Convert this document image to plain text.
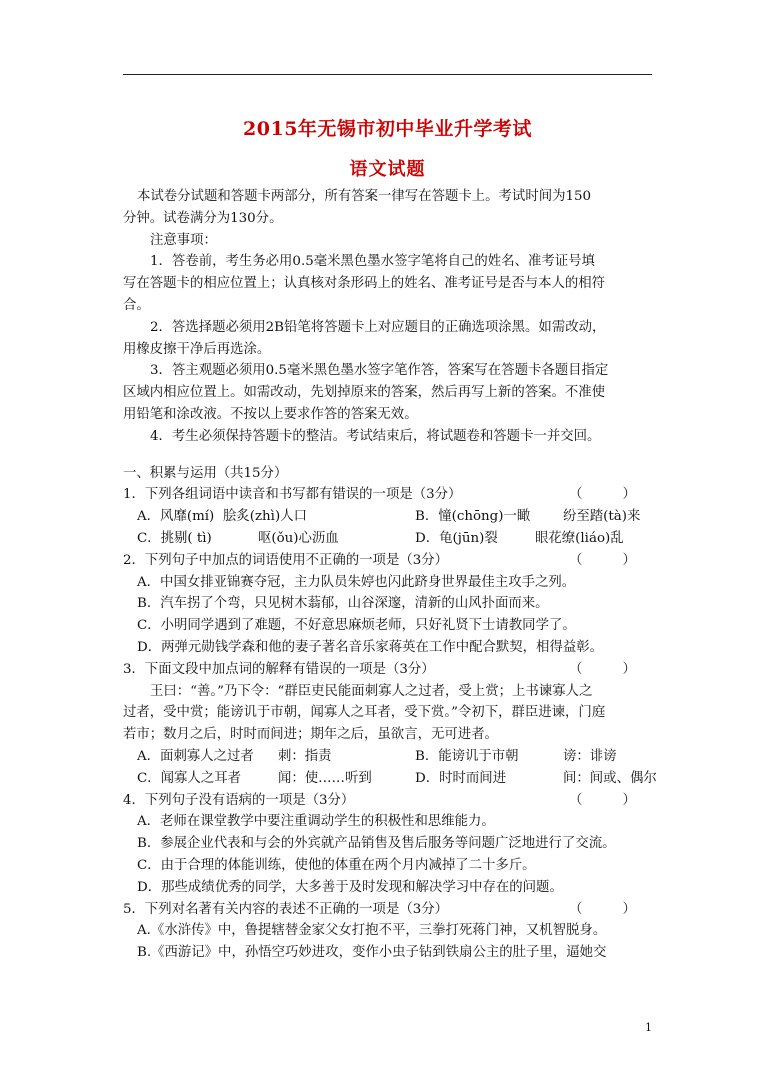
2015年无锡市初中毕业升学考试
语文试题

本试卷分试题和答题卡两部分，所有答案一律写在答题卡上。考试时间为150

分钟。试卷满分为130分。

注意事项：

1．答卷前，考生务必用0.5毫米黑色墨水签字笔将自己的姓名、准考证号填

写在答题卡的相应位置上；认真核对条形码上的姓名、准考证号是否与本人的相符

合。

2．答选择题必须用2B铅笔将答题卡上对应题目的正确选项涂黑。如需改动，

用橡皮擦干净后再选涂。

3．答主观题必须用0.5毫米黑色墨水签字笔作答，答案写在答题卡各题目指定

区域内相应位置上。如需改动，先划掉原来的答案，然后再写上新的答案。不准使

用铅笔和涂改液。不按以上要求作答的答案无效。

4．考生必须保持答题卡的整洁。考试结束后，将试题卷和答题卡一并交回。

一、积累与运用（共15分）

1．下列各组词语中读音和书写都有错误的一项是（3分）	（　　　）
A．风靡(mí) 脍炙(zhì)人口	B．憧(chōng)一瞰 纷至踏(tà)来
C．挑剔( tì)	呕(ǒu)心沥血	D．龟(jūn)裂	眼花缭(liáo)乱
2．下列句子中加点的词语使用不正确的一项是（3分）	（　　　）

A．中国女排亚锦赛夺冠，主力队员朱婷也闪此跻身世界最佳主攻手之列。

B．汽车拐了个弯，只见树木蓊郁，山谷深邃，清新的山风扑面而来。

C．小明同学遇到了难题，不好意思麻烦老师，只好礼贤下士请教同学了。

D．两弹元勋钱学森和他的妻子著名音乐家蒋英在工作中配合默契，相得益彰。

3．下面文段中加点词的解释有错误的一项是（3分）	（　　　）

王曰：“善。”乃下令：“群臣吏民能面刺寡人之过者，受上赏；上书谏寡人之

过者，受中赏；能谤讥于市朝，闻寡人之耳者，受下赏。”令初下，群臣进谏，门庭

若市；数月之后，时时而间进；期年之后，虽欲言，无可进者。

A．面刺寡人之过者 刺：指责	B．能谤讥于市朝	谤：诽谤
C．闻寡人之耳者	闻：使……听到	D．时时而间进	间：间或、偶尔
4．下列句子没有语病的一项是（3分）	（　　　）

A．老师在课堂教学中要注重调动学生的积极性和思维能力。

B．参展企业代表和与会的外宾就产品销售及售后服务等问题广泛地进行了交流。

C．由于合理的体能训练，使他的体重在两个月内减掉了二十多斤。

D．那些成绩优秀的同学，大多善于及时发现和解决学习中存在的问题。

5．下列对名著有关内容的表述不正确的一项是（3分）	（　　　）

A.《水浒传》中，鲁提辖替金家父女打抱不平，三拳打死蒋门神，又机智脱身。

B.《西游记》中，孙悟空巧妙进攻，变作小虫子钻到铁扇公主的肚子里，逼她交

1
